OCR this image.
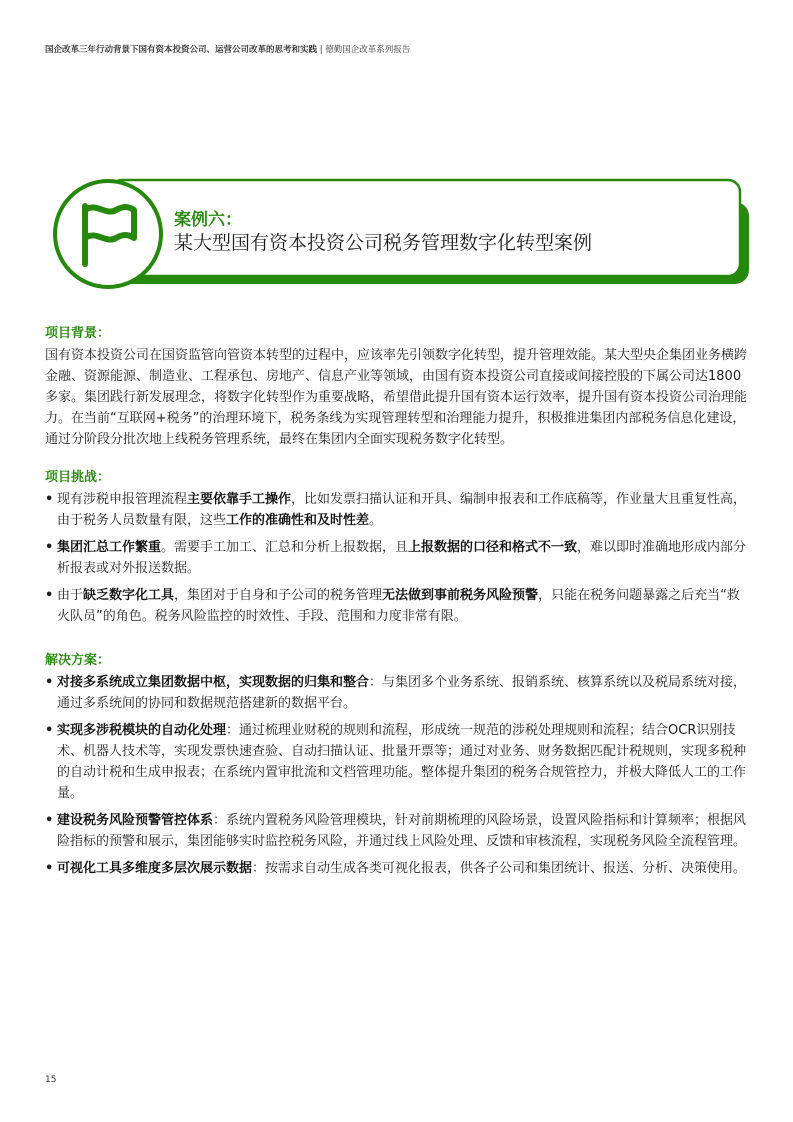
国企改革三年行动背景下国有资本投资公司、运营公司改革的思考和实践 | 德勤国企改革系列报告
案例六：
某大型国有资本投资公司税务管理数字化转型案例
项目背景：

国有资本投资公司在国资监管向管资本转型的过程中，应该率先引领数字化转型，提升管理效能。某大型央企集团业务横跨金融、资源能源、制造业、工程承包、房地产、信息产业等领域，由国有资本投资公司直接或间接控股的下属公司达1800多家。集团践行新发展理念，将数字化转型作为重要战略，希望借此提升国有资本运行效率，提升国有资本投资公司治理能力。在当前“互联网+税务”的治理环境下，税务条线为实现管理转型和治理能力提升，积极推进集团内部税务信息化建设，通过分阶段分批次地上线税务管理系统，最终在集团内全面实现税务数字化转型。

项目挑战：
• 现有涉税申报管理流程主要依靠手工操作，比如发票扫描认证和开具、编制申报表和工作底稿等，作业量大且重复性高，由于税务人员数量有限，这些工作的准确性和及时性差。
• 集团汇总工作繁重。需要手工加工、汇总和分析上报数据，且上报数据的口径和格式不一致，难以即时准确地形成内部分析报表或对外报送数据。
• 由于缺乏数字化工具，集团对于自身和子公司的税务管理无法做到事前税务风险预警，只能在税务问题暴露之后充当“救火队员”的角色。税务风险监控的时效性、手段、范围和力度非常有限。
解决方案：
• 对接多系统成立集团数据中枢，实现数据的归集和整合：与集团多个业务系统、报销系统、核算系统以及税局系统对接，通过多系统间的协同和数据规范搭建新的数据平台。
• 实现多涉税模块的自动化处理：通过梳理业财税的规则和流程，形成统一规范的涉税处理规则和流程；结合OCR识别技术、机器人技术等，实现发票快速查验、自动扫描认证、批量开票等；通过对业务、财务数据匹配计税规则，实现多税种的自动计税和生成申报表；在系统内置审批流和文档管理功能。整体提升集团的税务合规管控力，并极大降低人工的工作量。
• 建设税务风险预警管控体系：系统内置税务风险管理模块，针对前期梳理的风险场景，设置风险指标和计算频率；根据风险指标的预警和展示，集团能够实时监控税务风险，并通过线上风险处理、反馈和审核流程，实现税务风险全流程管理。
• 可视化工具多维度多层次展示数据：按需求自动生成各类可视化报表，供各子公司和集团统计、报送、分析、决策使用。
15
